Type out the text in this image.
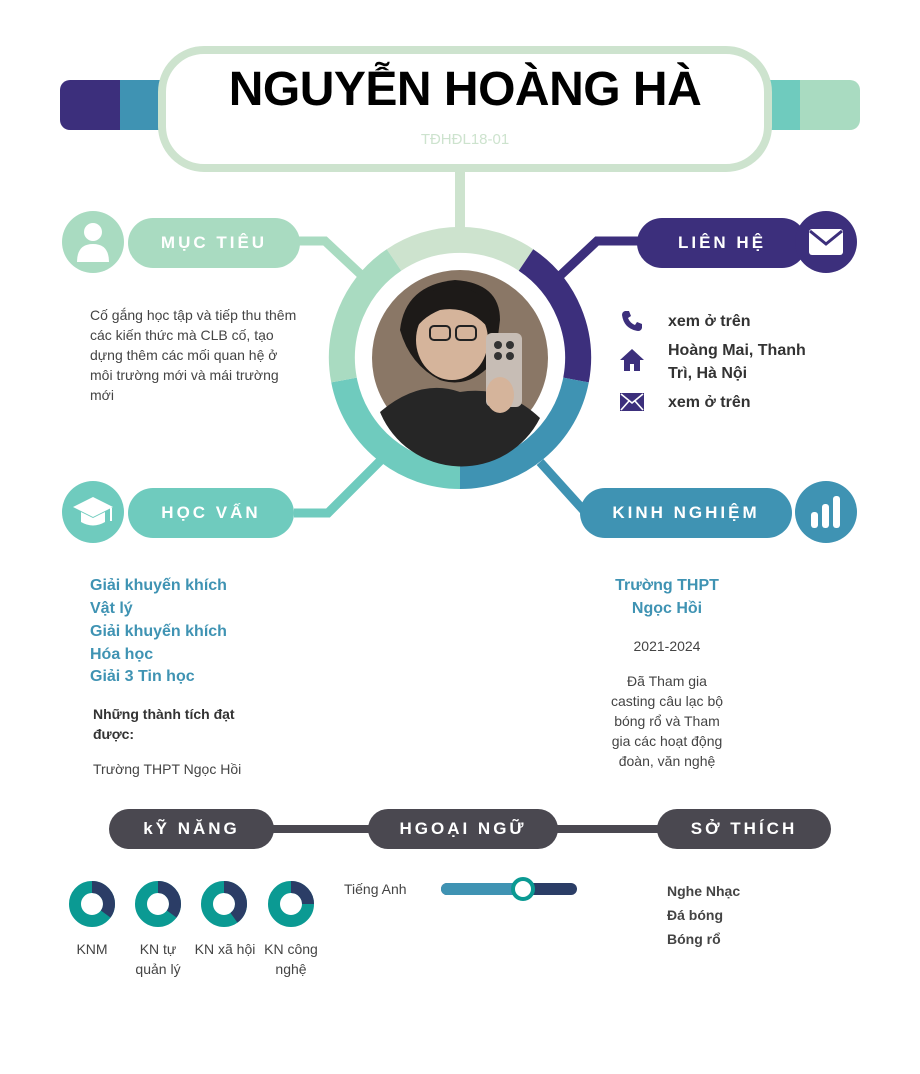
NGUYỄN HOÀNG HÀ
TĐHĐL18-01
MỤC TIÊU
Cố gắng học tập và tiếp thu thêm các kiến thức mà CLB cố, tạo dựng thêm các mối quan hệ ở môi trường mới và mái trường mới
LIÊN HỆ
xem ở trên
Hoàng Mai, Thanh Trì, Hà Nội
xem ở trên
HỌC VẤN
Giải khuyến khích Vật lý
Giải khuyến khích Hóa học
Giải 3 Tin học
Những thành tích đạt được:
Trường THPT Ngọc Hồi
KINH NGHIỆM
Trường THPT Ngọc Hồi
2021-2024
Đã Tham gia casting câu lạc bộ bóng rổ và Tham gia các hoạt động đoàn, văn nghệ
kỸ NĂNG	HGOẠI NGỮ	SỞ THÍCH
KNM	KN tự quản lý
KN xã hội KN công nghệ
Tiếng Anh	Nghe Nhạc
Đá bóng
Bóng rổ
